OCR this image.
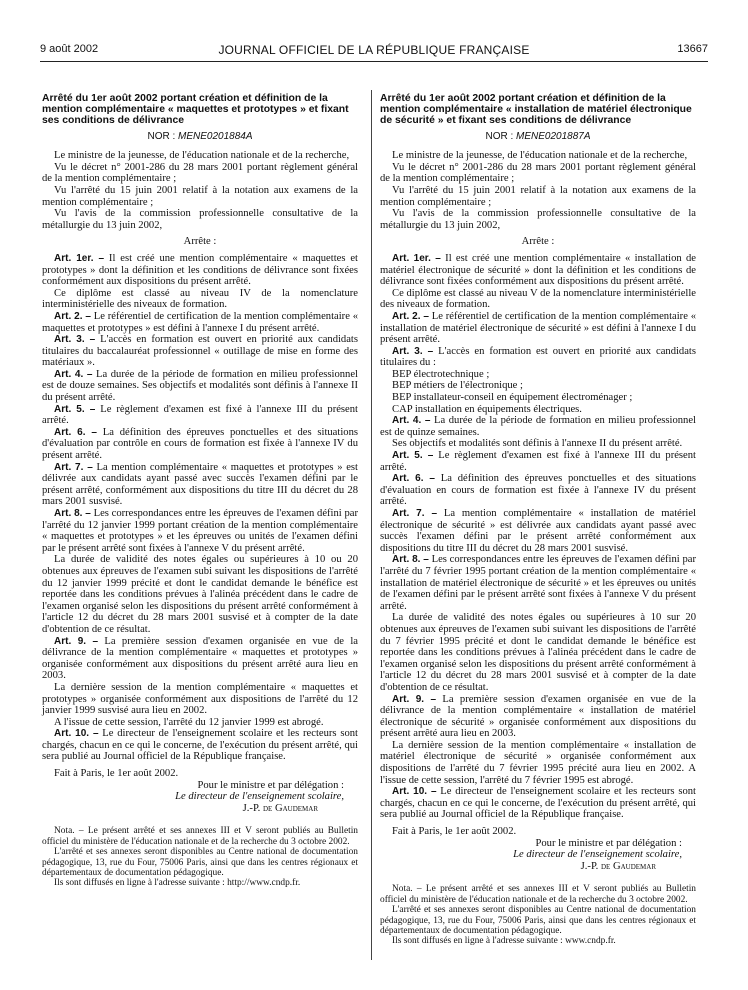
9 août 2002	JOURNAL OFFICIEL DE LA RÉPUBLIQUE FRANÇAISE	13667
Arrêté du 1er août 2002 portant création et définition de la mention complémentaire « maquettes et prototypes » et fixant ses conditions de délivrance
NOR : MENE0201884A

Le ministre de la jeunesse, de l'éducation nationale et de la recherche,

Vu le décret n° 2001-286 du 28 mars 2001 portant règlement général de la mention complémentaire ;

Vu l'arrêté du 15 juin 2001 relatif à la notation aux examens de la mention complémentaire ;

Vu l'avis de la commission professionnelle consultative de la métallurgie du 13 juin 2002,

Arrête :

Art. 1er. – Il est créé une mention complémentaire « maquettes et prototypes » dont la définition et les conditions de délivrance sont fixées conformément aux dispositions du présent arrêté.

Ce diplôme est classé au niveau IV de la nomenclature interministérielle des niveaux de formation.

Art. 2. – Le référentiel de certification de la mention complémentaire « maquettes et prototypes » est défini à l'annexe I du présent arrêté.

Art. 3. – L'accès en formation est ouvert en priorité aux candidats titulaires du baccalauréat professionnel « outillage de mise en forme des matériaux ».

Art. 4. – La durée de la période de formation en milieu professionnel est de douze semaines. Ses objectifs et modalités sont définis à l'annexe II du présent arrêté.

Art. 5. – Le règlement d'examen est fixé à l'annexe III du présent arrêté.

Art. 6. – La définition des épreuves ponctuelles et des situations d'évaluation par contrôle en cours de formation est fixée à l'annexe IV du présent arrêté.

Art. 7. – La mention complémentaire « maquettes et prototypes » est délivrée aux candidats ayant passé avec succès l'examen défini par le présent arrêté, conformément aux dispositions du titre III du décret du 28 mars 2001 susvisé.

Art. 8. – Les correspondances entre les épreuves de l'examen défini par l'arrêté du 12 janvier 1999 portant création de la mention complémentaire « maquettes et prototypes » et les épreuves ou unités de l'examen défini par le présent arrêté sont fixées à l'annexe V du présent arrêté.

La durée de validité des notes égales ou supérieures à 10 ou 20 obtenues aux épreuves de l'examen subi suivant les dispositions de l'arrêté du 12 janvier 1999 précité et dont le candidat demande le bénéfice est reportée dans les conditions prévues à l'alinéa précédent dans le cadre de l'examen organisé selon les dispositions du présent arrêté conformément à l'article 12 du décret du 28 mars 2001 susvisé et à compter de la date d'obtention de ce résultat.

Art. 9. – La première session d'examen organisée en vue de la délivrance de la mention complémentaire « maquettes et prototypes » organisée conformément aux dispositions du présent arrêté aura lieu en 2003.

La dernière session de la mention complémentaire « maquettes et prototypes » organisée conformément aux dispositions de l'arrêté du 12 janvier 1999 susvisé aura lieu en 2002.

A l'issue de cette session, l'arrêté du 12 janvier 1999 est abrogé.

Art. 10. – Le directeur de l'enseignement scolaire et les recteurs sont chargés, chacun en ce qui le concerne, de l'exécution du présent arrêté, qui sera publié au Journal officiel de la République française.

Fait à Paris, le 1er août 2002.

Pour le ministre et par délégation :
Le directeur de l'enseignement scolaire,
J.-P. de Gaudemar

Nota. – Le présent arrêté et ses annexes III et V seront publiés au Bulletin officiel du ministère de l'éducation nationale et de la recherche du 3 octobre 2002.

L'arrêté et ses annexes seront disponibles au Centre national de documentation pédagogique, 13, rue du Four, 75006 Paris, ainsi que dans les centres régionaux et départementaux de documentation pédagogique.

Ils sont diffusés en ligne à l'adresse suivante : http://www.cndp.fr.

Arrêté du 1er août 2002 portant création et définition de la mention complémentaire « installation de matériel électronique de sécurité » et fixant ses conditions de délivrance
NOR : MENE0201887A

Le ministre de la jeunesse, de l'éducation nationale et de la recherche,

Vu le décret n° 2001-286 du 28 mars 2001 portant règlement général de la mention complémentaire ;

Vu l'arrêté du 15 juin 2001 relatif à la notation aux examens de la mention complémentaire ;

Vu l'avis de la commission professionnelle consultative de la métallurgie du 13 juin 2002,

Arrête :

Art. 1er. – Il est créé une mention complémentaire « installation de matériel électronique de sécurité » dont la définition et les conditions de délivrance sont fixées conformément aux dispositions du présent arrêté.

Ce diplôme est classé au niveau V de la nomenclature interministérielle des niveaux de formation.

Art. 2. – Le référentiel de certification de la mention complémentaire « installation de matériel électronique de sécurité » est défini à l'annexe I du présent arrêté.

Art. 3. – L'accès en formation est ouvert en priorité aux candidats titulaires du :

BEP électrotechnique ;
BEP métiers de l'électronique ;
BEP installateur-conseil en équipement électroménager ;
CAP installation en équipements électriques.

Art. 4. – La durée de la période de formation en milieu professionnel est de quinze semaines.

Ses objectifs et modalités sont définis à l'annexe II du présent arrêté.

Art. 5. – Le règlement d'examen est fixé à l'annexe III du présent arrêté.

Art. 6. – La définition des épreuves ponctuelles et des situations d'évaluation en cours de formation est fixée à l'annexe IV du présent arrêté.

Art. 7. – La mention complémentaire « installation de matériel électronique de sécurité » est délivrée aux candidats ayant passé avec succès l'examen défini par le présent arrêté conformément aux dispositions du titre III du décret du 28 mars 2001 susvisé.

Art. 8. – Les correspondances entre les épreuves de l'examen défini par l'arrêté du 7 février 1995 portant création de la mention complémentaire « installation de matériel électronique de sécurité » et les épreuves ou unités de l'examen défini par le présent arrêté sont fixées à l'annexe V du présent arrêté.

La durée de validité des notes égales ou supérieures à 10 sur 20 obtenues aux épreuves de l'examen subi suivant les dispositions de l'arrêté du 7 février 1995 précité et dont le candidat demande le bénéfice est reportée dans les conditions prévues à l'alinéa précédent dans le cadre de l'examen organisé selon les dispositions du présent arrêté conformément à l'article 12 du décret du 28 mars 2001 susvisé et à compter de la date d'obtention de ce résultat.

Art. 9. – La première session d'examen organisée en vue de la délivrance de la mention complémentaire « installation de matériel électronique de sécurité » organisée conformément aux dispositions du présent arrêté aura lieu en 2003.

La dernière session de la mention complémentaire « installation de matériel électronique de sécurité » organisée conformément aux dispositions de l'arrêté du 7 février 1995 précité aura lieu en 2002. A l'issue de cette session, l'arrêté du 7 février 1995 est abrogé.

Art. 10. – Le directeur de l'enseignement scolaire et les recteurs sont chargés, chacun en ce qui le concerne, de l'exécution du présent arrêté, qui sera publié au Journal officiel de la République française.

Fait à Paris, le 1er août 2002.

Pour le ministre et par délégation :
Le directeur de l'enseignement scolaire,
J.-P. de Gaudemar

Nota. – Le présent arrêté et ses annexes III et V seront publiés au Bulletin officiel du ministère de l'éducation nationale et de la recherche du 3 octobre 2002.

L'arrêté et ses annexes seront disponibles au Centre national de documentation pédagogique, 13, rue du Four, 75006 Paris, ainsi que dans les centres régionaux et départementaux de documentation pédagogique.

Ils sont diffusés en ligne à l'adresse suivante : www.cndp.fr.
